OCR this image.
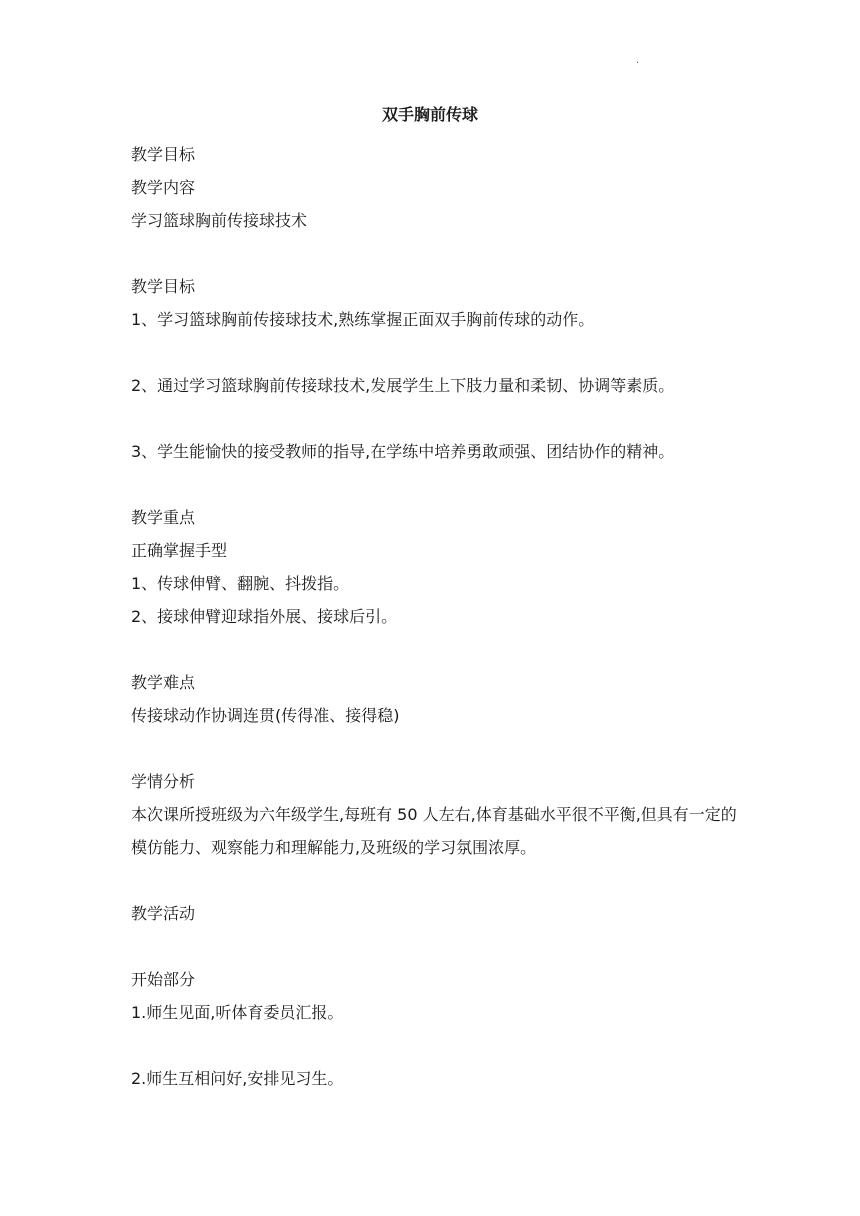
.
双手胸前传球

教学目标

教学内容

学习篮球胸前传接球技术

教学目标

1、学习篮球胸前传接球技术,熟练掌握正面双手胸前传球的动作。

2、通过学习篮球胸前传接球技术,发展学生上下肢力量和柔韧、协调等素质。

3、学生能愉快的接受教师的指导,在学练中培养勇敢顽强、团结协作的精神。

教学重点

正确掌握手型

1、传球伸臂、翻腕、抖拨指。

2、接球伸臂迎球指外展、接球后引。

教学难点

传接球动作协调连贯(传得准、接得稳)

学情分析

本次课所授班级为六年级学生,每班有 50 人左右,体育基础水平很不平衡,但具有一定的模仿能力、观察能力和理解能力,及班级的学习氛围浓厚。

教学活动

开始部分

1.师生见面,听体育委员汇报。

2.师生互相问好,安排见习生。
